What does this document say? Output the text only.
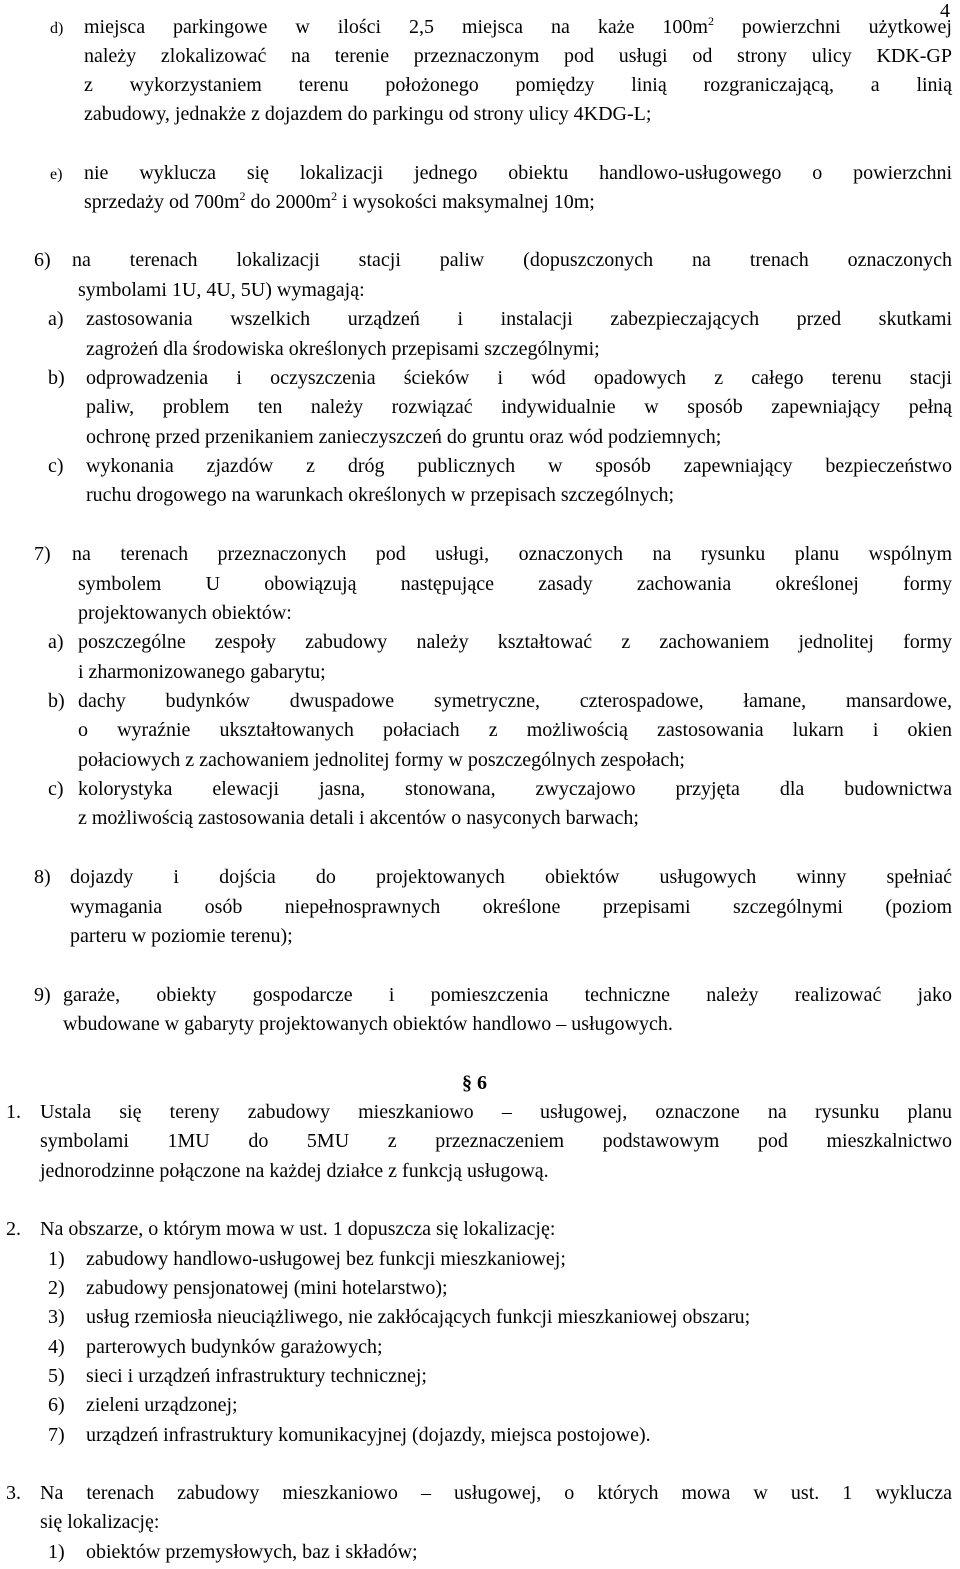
4
d) miejsca parkingowe w ilości 2,5 miejsca na każe $100m^2$ powierzchni użytkowej
należy zlokalizować na terenie przeznaczonym pod usługi od strony ulicy KDK-GP
z wykorzystaniem terenu położonego pomiędzy linią rozgraniczającą, a linią
zabudowy, jednakże z dojazdem do parkingu od strony ulicy 4KDG-L;
e) nie wyklucza się lokalizacji jednego obiektu handlowo-usługowego o powierzchni
sprzedaży od $700m^2$ do $2000m^2$ i wysokości maksymalnej 10m;
6) na terenach lokalizacji stacji paliw (dopuszczonych na trenach oznaczonych
symbolami 1U, 4U, 5U) wymagają:
a) zastosowania wszelkich urządzeń i instalacji zabezpieczających przed skutkami
zagrożeń dla środowiska określonych przepisami szczególnymi;
b) odprowadzenia i oczyszczenia ścieków i wód opadowych z całego terenu stacji
paliw, problem ten należy rozwiązać indywidualnie w sposób zapewniający pełną
ochronę przed przenikaniem zanieczyszczeń do gruntu oraz wód podziemnych;
c) wykonania zjazdów z dróg publicznych w sposób zapewniający bezpieczeństwo
ruchu drogowego na warunkach określonych w przepisach szczególnych;
7) na terenach przeznaczonych pod usługi, oznaczonych na rysunku planu wspólnym
symbolem U obowiązują następujące zasady zachowania określonej formy
projektowanych obiektów:
a) poszczególne zespoły zabudowy należy kształtować z zachowaniem jednolitej formy
i zharmonizowanego gabarytu;
b) dachy budynków dwuspadowe symetryczne, czterospadowe, łamane, mansardowe,
o wyraźnie ukształtowanych połaciach z możliwością zastosowania lukarn i okien
połaciowych z zachowaniem jednolitej formy w poszczególnych zespołach;
c) kolorystyka elewacji jasna, stonowana, zwyczajowo przyjęta dla budownictwa
z możliwością zastosowania detali i akcentów o nasyconych barwach;
8) dojazdy i dojścia do projektowanych obiektów usługowych winny spełniać
wymagania osób niepełnosprawnych określone przepisami szczególnymi (poziom
parteru w poziomie terenu);
9) garaże, obiekty gospodarcze i pomieszczenia techniczne należy realizować jako
wbudowane w gabaryty projektowanych obiektów handlowo – usługowych.
§ 6
1. Ustala się tereny zabudowy mieszkaniowo – usługowej, oznaczone na rysunku planu
symbolami 1MU do 5MU z przeznaczeniem podstawowym pod mieszkalnictwo
jednorodzinne połączone na każdej działce z funkcją usługową.
2. Na obszarze, o którym mowa w ust. 1 dopuszcza się lokalizację:
1) zabudowy handlowo-usługowej bez funkcji mieszkaniowej;
2) zabudowy pensjonatowej (mini hotelarstwo);
3) usług rzemiosła nieuciążliwego, nie zakłócających funkcji mieszkaniowej obszaru;
4) parterowych budynków garażowych;
5) sieci i urządzeń infrastruktury technicznej;
6) zieleni urządzonej;
7) urządzeń infrastruktury komunikacyjnej (dojazdy, miejsca postojowe).
3. Na terenach zabudowy mieszkaniowo – usługowej, o których mowa w ust. 1 wyklucza
się lokalizację:
1) obiektów przemysłowych, baz i składów;
